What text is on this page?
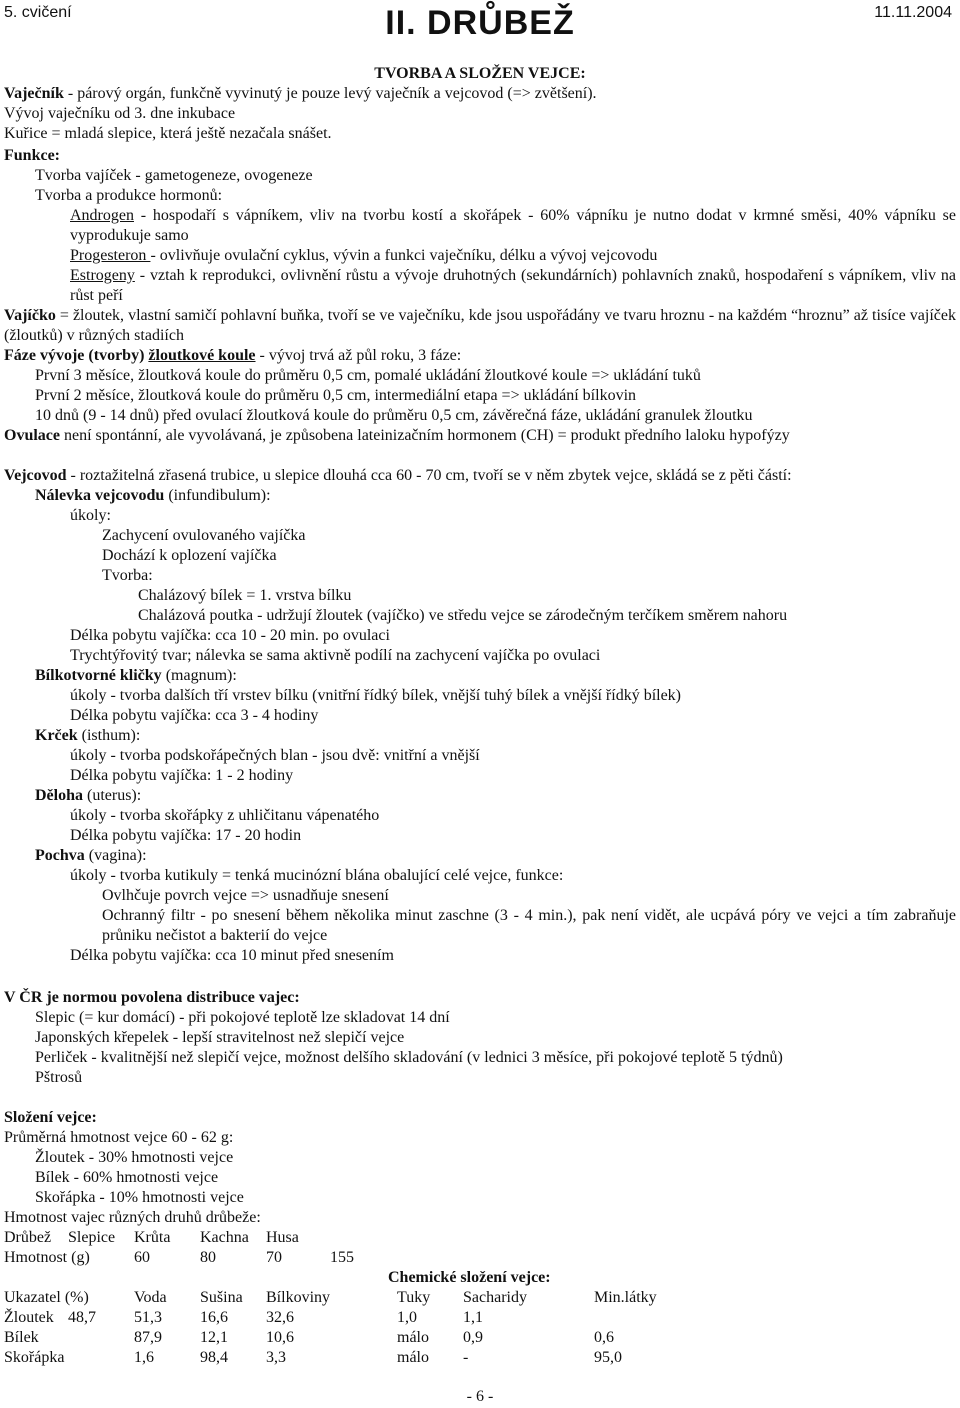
5. cvičení	II. DRŮBEŽ	11.11.2004
TVORBA A SLOŽEN VEJCE:
Vaječník - párový orgán, funkčně vyvinutý je pouze levý vaječník a vejcovod (=> zvětšení).
Vývoj vaječníku od 3. dne inkubace
Kuřice = mladá slepice, která ještě nezačala snášet.
Funkce:
Tvorba vajíček - gametogeneze, ovogeneze
Tvorba a produkce hormonů:
Androgen - hospodaří s vápníkem, vliv na tvorbu kostí a skořápek - 60% vápníku je nutno dodat v krmné směsi, 40% vápníku se vyprodukuje samo
Progesteron - ovlivňuje ovulační cyklus, vývin a funkci vaječníku, délku a vývoj vejcovodu
Estrogeny - vztah k reprodukci, ovlivnění růstu a vývoje druhotných (sekundárních) pohlavních znaků, hospodaření s vápníkem, vliv na růst peří
Vajíčko = žloutek, vlastní samičí pohlavní buňka, tvoří se ve vaječníku, kde jsou uspořádány ve tvaru hroznu - na každém “hroznu” až tisíce vajíček (žloutků) v různých stadiích
Fáze vývoje (tvorby) žloutkové koule - vývoj trvá až půl roku, 3 fáze:
První 3 měsíce, žloutková koule do průměru 0,5 cm, pomalé ukládání žloutkové koule => ukládání tuků
První 2 měsíce, žloutková koule do průměru 0,5 cm, intermediální etapa => ukládání bílkovin
10 dnů (9 - 14 dnů) před ovulací žloutková koule do průměru 0,5 cm, závěrečná fáze, ukládání granulek žloutku
Ovulace není spontánní, ale vyvolávaná, je způsobena lateinizačním hormonem (CH) = produkt předního laloku hypofýzy
Vejcovod - roztažitelná zřasená trubice, u slepice dlouhá cca 60 - 70 cm, tvoří se v něm zbytek vejce, skládá se z pěti částí:
Nálevka vejcovodu (infundibulum):
úkoly:
Zachycení ovulovaného vajíčka
Dochází k oplození vajíčka
Tvorba:
Chalázový bílek = 1. vrstva bílku
Chalázová poutka - udržují žloutek (vajíčko) ve středu vejce se zárodečným terčíkem směrem nahoru
Délka pobytu vajíčka: cca 10 - 20 min. po ovulaci
Trychtýřovitý tvar; nálevka se sama aktivně podílí na zachycení vajíčka po ovulaci
Bílkotvorné kličky (magnum):
úkoly - tvorba dalších tří vrstev bílku (vnitřní řídký bílek, vnější tuhý bílek a vnější řídký bílek)
Délka pobytu vajíčka: cca 3 - 4 hodiny
Krček (isthum):
úkoly - tvorba podskořápečných blan - jsou dvě: vnitřní a vnější
Délka pobytu vajíčka: 1 - 2 hodiny
Děloha (uterus):
úkoly - tvorba skořápky z uhličitanu vápenatého
Délka pobytu vajíčka: 17 - 20 hodin
Pochva (vagina):
úkoly - tvorba kutikuly = tenká mucinózní blána obalující celé vejce, funkce:
Ovlhčuje povrch vejce => usnadňuje snesení
Ochranný filtr - po snesení během několika minut zaschne (3 - 4 min.), pak není vidět, ale ucpává póry ve vejci a tím zabraňuje průniku nečistot a bakterií do vejce
Délka pobytu vajíčka: cca 10 minut před snesením
V ČR je normou povolena distribuce vajec:
Slepic (= kur domácí) - při pokojové teplotě lze skladovat 14 dní
Japonských křepelek - lepší stravitelnost než slepičí vejce
Perliček - kvalitnější než slepičí vejce, možnost delšího skladování (v lednici 3 měsíce, při pokojové teplotě 5 týdnů)
Pštrosů
Složení vejce:
Průměrná hmotnost vejce 60 - 62 g:
Žloutek - 30% hmotnosti vejce
Bílek - 60% hmotnosti vejce
Skořápka - 10% hmotnosti vejce
Hmotnost vajec různých druhů drůbeže:
Drůbež Slepice Krůta Kachna Husa
Hmotnost (g)	60	80	70	155
Chemické složení vejce:
Ukazatel (%)	Voda Sušina Bílkoviny	Tuky Sacharidy	Min.látky
Žloutek 48,7 51,3 16,6 32,6	1,0	1,1
Bílek	87,9 12,1 10,6	málo 0,9	0,6
Skořápka	1,6	98,4 3,3	málo -	95,0
- 6 -
